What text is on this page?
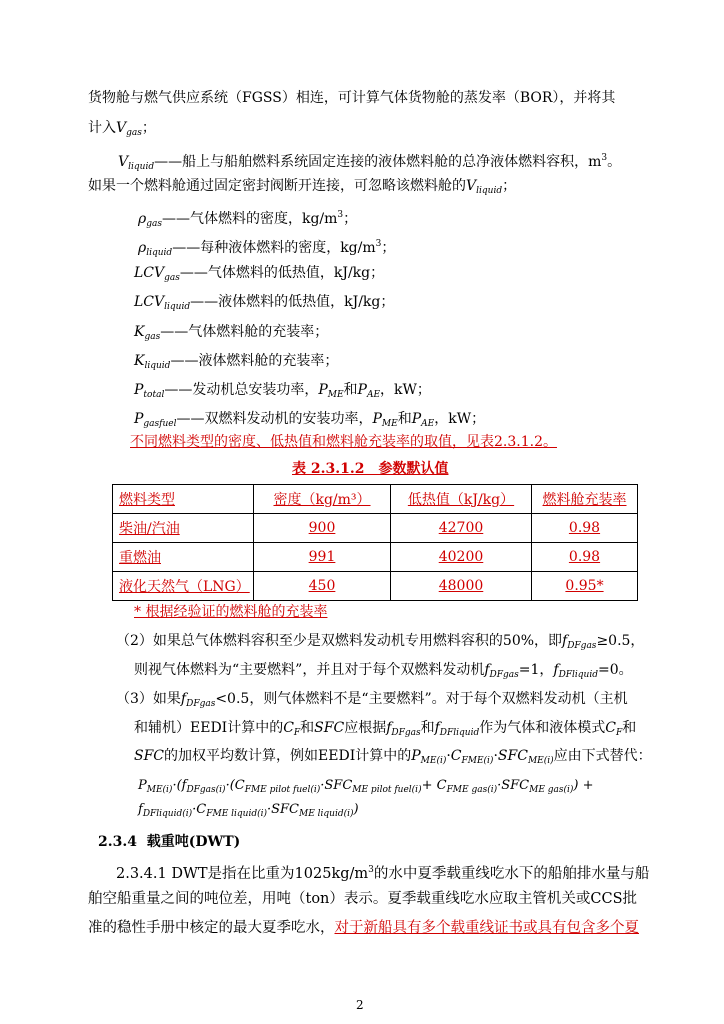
货物舱与燃气供应系统（FGSS）相连，可计算气体货物舱的蒸发率（BOR），并将其
计入$V_{gas}$；
$V_{liquid}——$船上与船舶燃料系统固定连接的液体燃料舱的总净液体燃料容积，$m^3$。
如果一个燃料舱通过固定密封阀断开连接，可忽略该燃料舱的$V_{liquid}$；
$\rho_{gas}——$气体燃料的密度，$kg/m^3$；
$\rho_{liquid}——$每种液体燃料的密度，$kg/m^3$；
$LCV_{gas}——$气体燃料的低热值，kJ/kg；
$LCV_{liquid}——$液体燃料的低热值，kJ/kg；
$K_{gas}——$气体燃料舱的充装率；
$K_{liquid}——$液体燃料舱的充装率；
$P_{total}——$发动机总安装功率，$P_{ME}$和$P_{AE}$，kW；
$P_{gasfuel}——$双燃料发动机的安装功率，$P_{ME}$和$P_{AE}$，kW；
不同燃料类型的密度、低热值和燃料舱充装率的取值，见表2.3.1.2。
表 2.3.1.2　参数默认值
燃料类型	密度（kg/m³）	低热值（kJ/kg）	燃料舱充装率
柴油/汽油	900	42700	0.98
重燃油	991	40200	0.98
液化天然气（LNG）	450	48000	0.95*
* 根据经验证的燃料舱的充装率
（2）如果总气体燃料容积至少是双燃料发动机专用燃料容积的50%，即$f_{DFgas}\ge 0.5$，
则视气体燃料为“主要燃料”，并且对于每个双燃料发动机$f_{DFgas}=1$，$f_{DFliquid}=0$。
（3）如果$f_{DFgas}<0.5$，则气体燃料不是“主要燃料”。对于每个双燃料发动机（主机
和辅机）EEDI计算中的$C_F$和SFC应根据$f_{DFgas}$和$f_{DFliquid}$作为气体和液体模式$C_F$和
SFC的加权平均数计算，例如EEDI计算中的$P_{ME(i)}\cdot C_{FME(i)}\cdot SFC_{ME(i)}$应由下式替代：
$P_{ME(i)}\cdot(f_{DFgas(i)}\cdot(C_{FME pilot fuel(i)}\cdot SFC_{ME pilot fuel(i)}+ C_{FME gas(i)}\cdot SFC_{ME gas(i)})$ +
$f_{DFliquid(i)}\cdot C_{FME liquid(i)}\cdot SFC_{ME liquid(i)}$)
2.3.4 载重吨(DWT)
2.3.4.1 DWT是指在比重为$1025kg/m^3$的水中夏季载重线吃水下的船舶排水量与船
舶空船重量之间的吨位差，用吨（ton）表示。夏季载重线吃水应取主管机关或CCS批
准的稳性手册中核定的最大夏季吃水，对于新船具有多个载重线证书或具有包含多个夏
2
